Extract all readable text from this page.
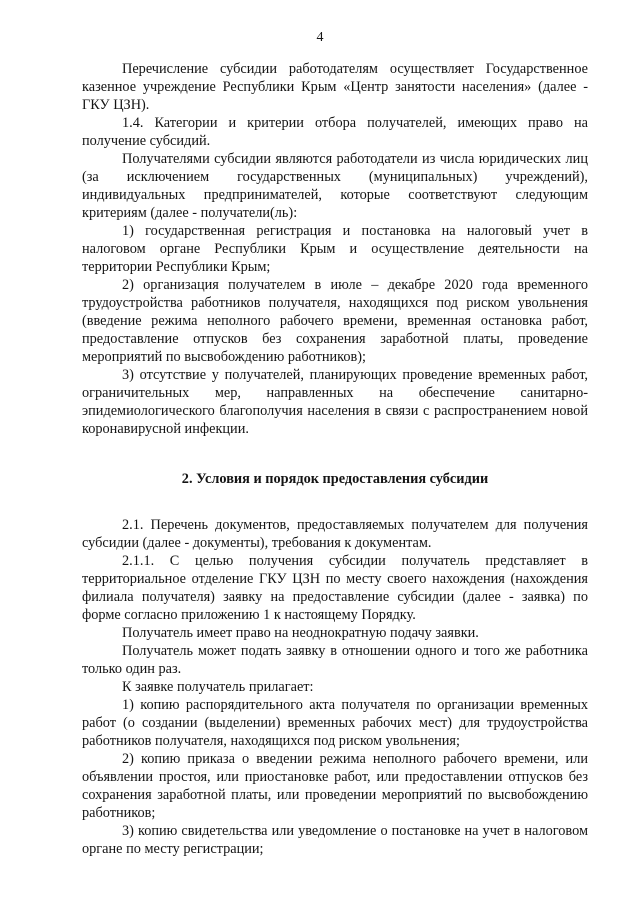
4

Перечисление субсидии работодателям осуществляет Государственное казенное учреждение Республики Крым «Центр занятости населения» (далее - ГКУ ЦЗН).

1.4. Категории и критерии отбора получателей, имеющих право на получение субсидий.

Получателями субсидии являются работодатели из числа юридических лиц (за исключением государственных (муниципальных) учреждений), индивидуальных предпринимателей, которые соответствуют следующим критериям (далее - получатели(ль):

1) государственная регистрация и постановка на налоговый учет в налоговом органе Республики Крым и осуществление деятельности на территории Республики Крым;

2) организация получателем в июле – декабре 2020 года временного трудоустройства работников получателя, находящихся под риском увольнения (введение режима неполного рабочего времени, временная остановка работ, предоставление отпусков без сохранения заработной платы, проведение мероприятий по высвобождению работников);

3) отсутствие у получателей, планирующих проведение временных работ, ограничительных мер, направленных на обеспечение санитарно-эпидемиологического благополучия населения в связи с распространением новой коронавирусной инфекции.

2. Условия и порядок предоставления субсидии

2.1. Перечень документов, предоставляемых получателем для получения субсидии (далее - документы), требования к документам.

2.1.1. С целью получения субсидии получатель представляет в территориальное отделение ГКУ ЦЗН по месту своего нахождения (нахождения филиала получателя) заявку на предоставление субсидии (далее - заявка) по форме согласно приложению 1 к настоящему Порядку.

Получатель имеет право на неоднократную подачу заявки.

Получатель может подать заявку в отношении одного и того же работника только один раз.

К заявке получатель прилагает:

1) копию распорядительного акта получателя по организации временных работ (о создании (выделении) временных рабочих мест) для трудоустройства работников получателя, находящихся под риском увольнения;

2) копию приказа о введении режима неполного рабочего времени, или объявлении простоя, или приостановке работ, или предоставлении отпусков без сохранения заработной платы, или проведении мероприятий по высвобождению работников;

3) копию свидетельства или уведомление о постановке на учет в налоговом органе по месту регистрации;
